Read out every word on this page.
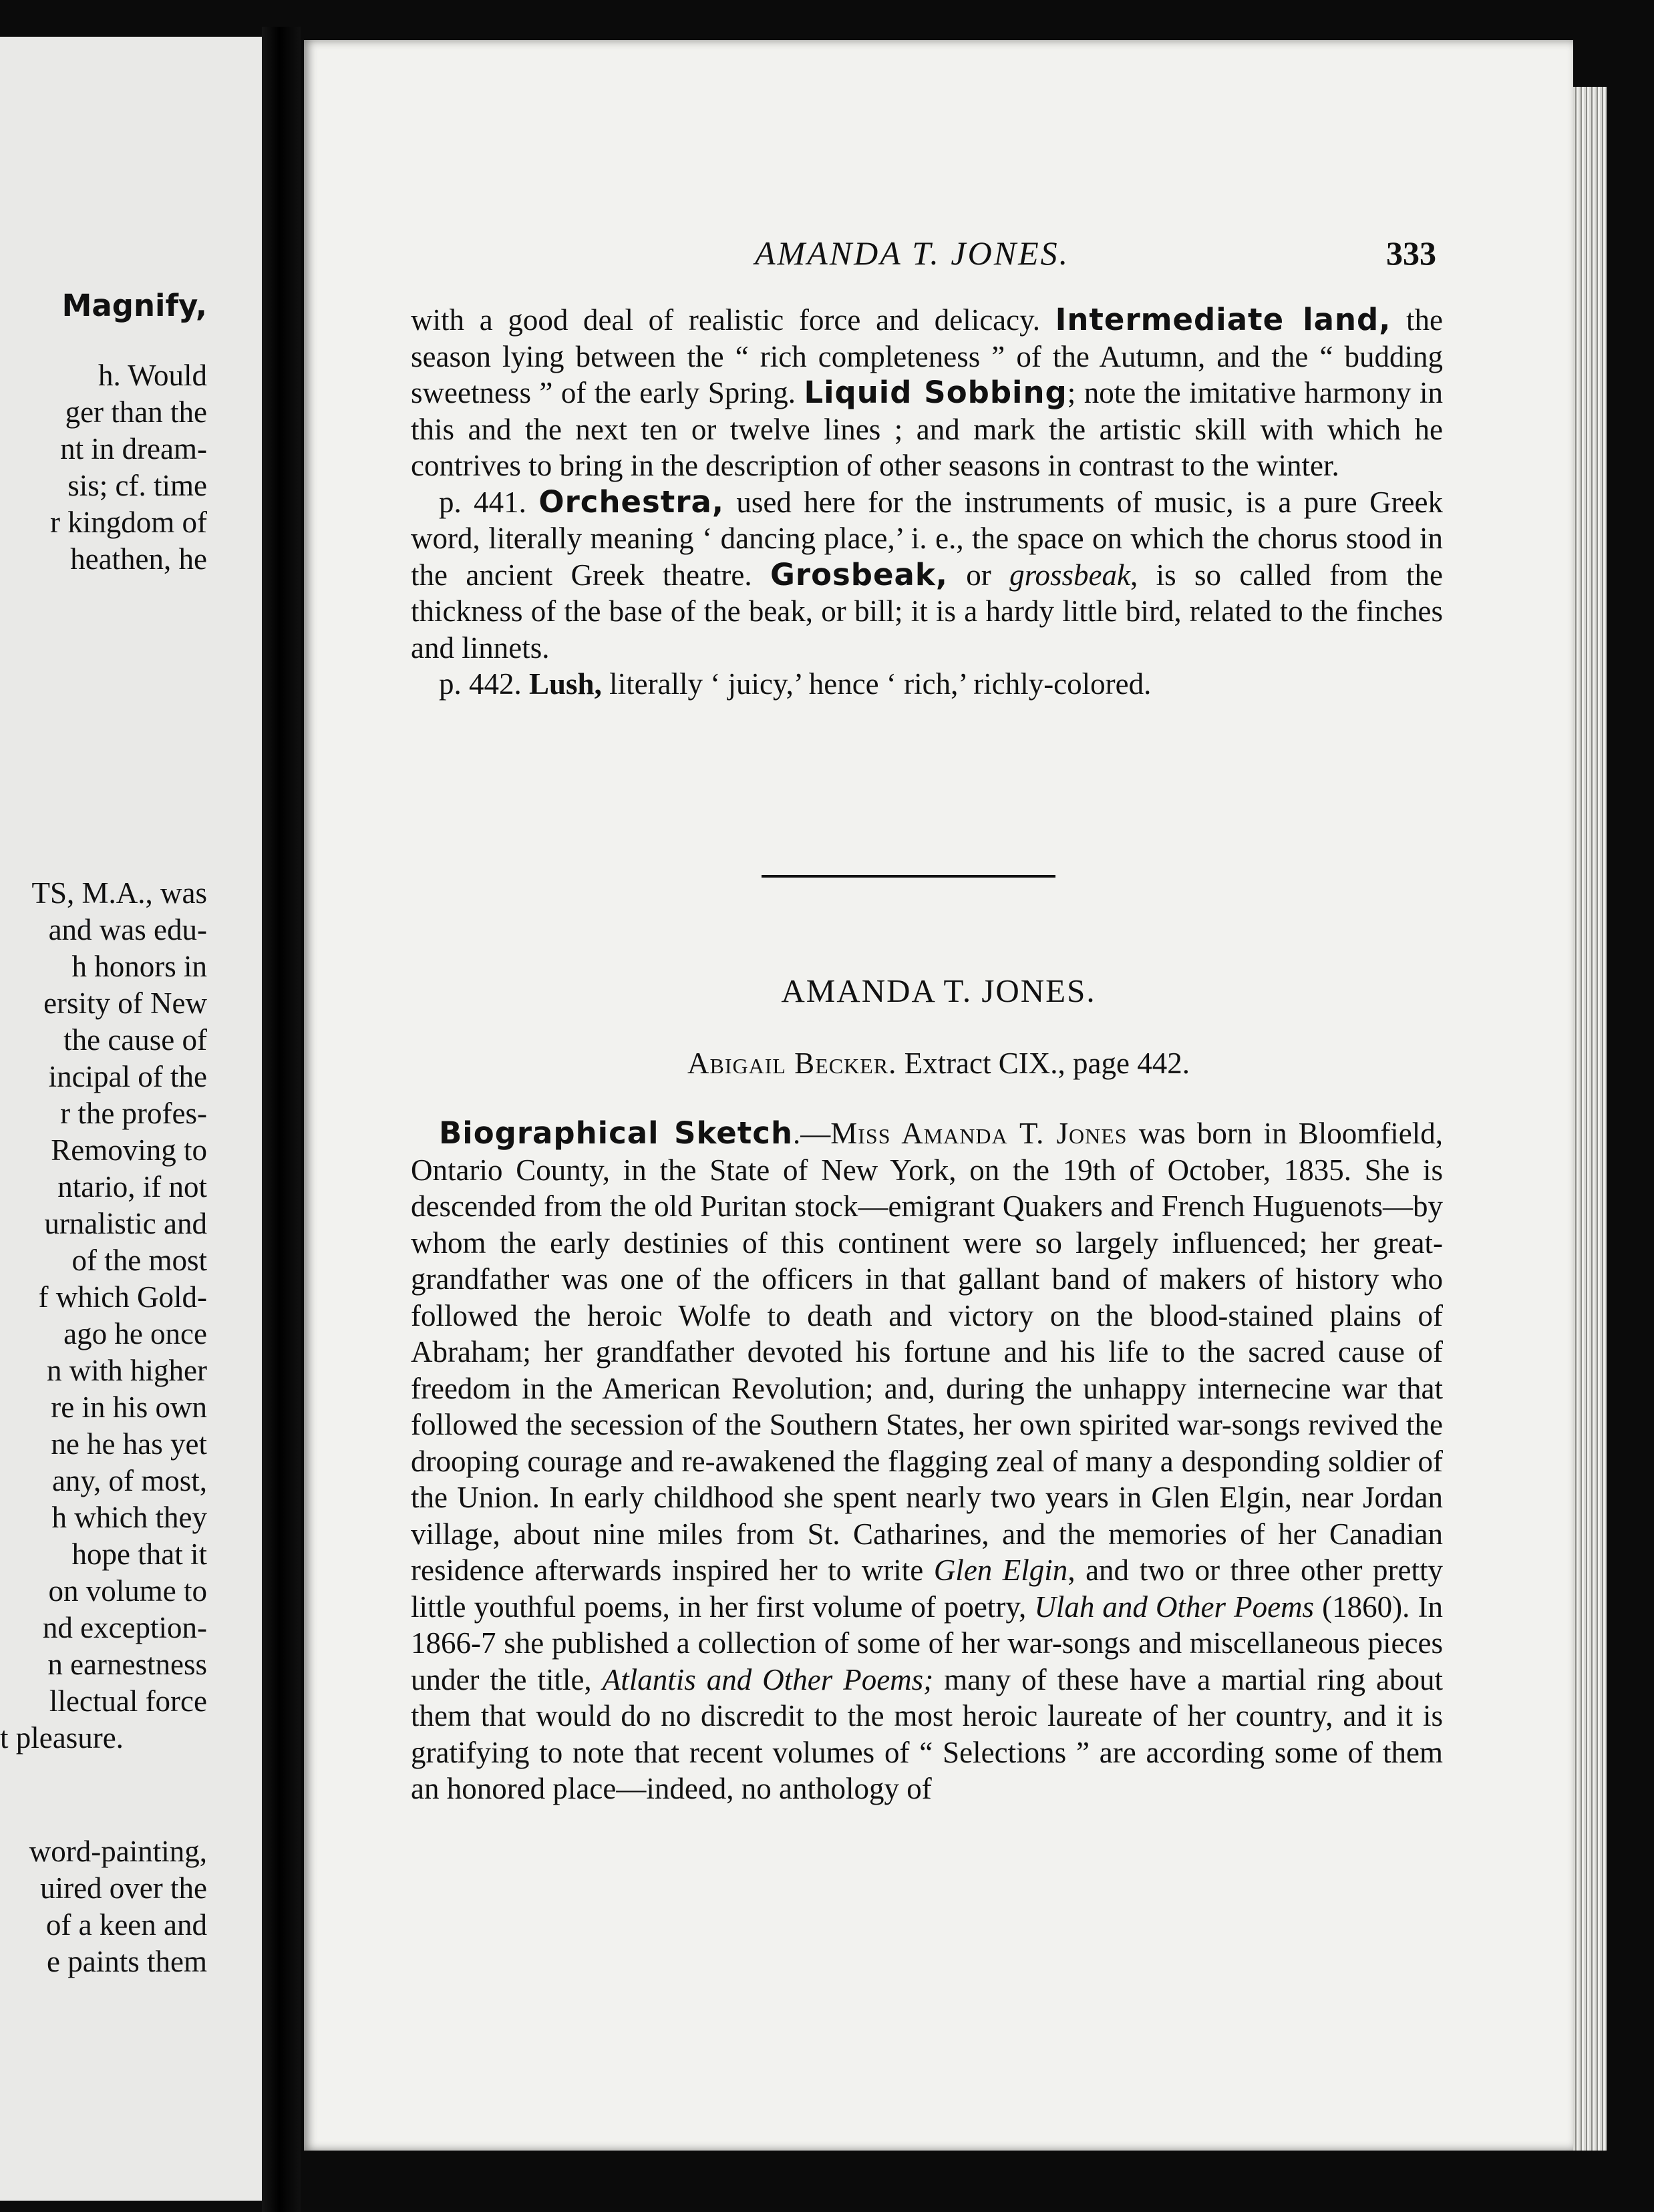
Magnify,
h. Would
ger than the
nt in dream-
sis; cf. time
r kingdom of
heathen, he
TS, M.A., was
and was edu-
h honors in
ersity of New
the cause of
incipal of the
r the profes-
Removing to
ntario, if not
urnalistic and
of the most
f which Gold-
ago he once
n with higher
re in his own
ne he has yet
any, of most,
h which they
hope that it
on volume to
nd exception-
n earnestness
llectual force
t pleasure.
word-painting,
uired over the
of a keen and
e paints them
AMANDA T. JONES.	333

with a good deal of realistic force and delicacy. Intermediate land, the season lying between the “ rich completeness ” of the Autumn, and the “ budding sweetness ” of the early Spring. Liquid Sobbing; note the imitative harmony in this and the next ten or twelve lines ; and mark the artistic skill with which he contrives to bring in the description of other seasons in contrast to the winter.

p. 441. Orchestra, used here for the instruments of music, is a pure Greek word, literally meaning ‘ dancing place,’ i. e., the space on which the chorus stood in the ancient Greek theatre. Grosbeak, or grossbeak, is so called from the thickness of the base of the beak, or bill; it is a hardy little bird, related to the finches and linnets.

p. 442. Lush, literally ‘ juicy,’ hence ‘ rich,’ richly-colored.

AMANDA T. JONES.
Abigail Becker. Extract CIX., page 442.

Biographical Sketch.—Miss Amanda T. Jones was born in Bloomfield, Ontario County, in the State of New York, on the 19th of October, 1835. She is descended from the old Puritan stock—emigrant Quakers and French Huguenots—by whom the early destinies of this continent were so largely influenced; her great-grandfather was one of the officers in that gallant band of makers of history who followed the heroic Wolfe to death and victory on the blood-stained plains of Abraham; her grandfather devoted his fortune and his life to the sacred cause of freedom in the American Revolution; and, during the unhappy internecine war that followed the secession of the Southern States, her own spirited war-songs revived the drooping courage and re-awakened the flagging zeal of many a desponding soldier of the Union. In early childhood she spent nearly two years in Glen Elgin, near Jordan village, about nine miles from St. Catharines, and the memories of her Canadian residence afterwards inspired her to write Glen Elgin, and two or three other pretty little youthful poems, in her first volume of poetry, Ulah and Other Poems (1860). In 1866-7 she published a collection of some of her war-songs and miscellaneous pieces under the title, Atlantis and Other Poems; many of these have a martial ring about them that would do no discredit to the most heroic laureate of her country, and it is gratifying to note that recent volumes of “ Selections ” are according some of them an honored place—indeed, no anthology of
